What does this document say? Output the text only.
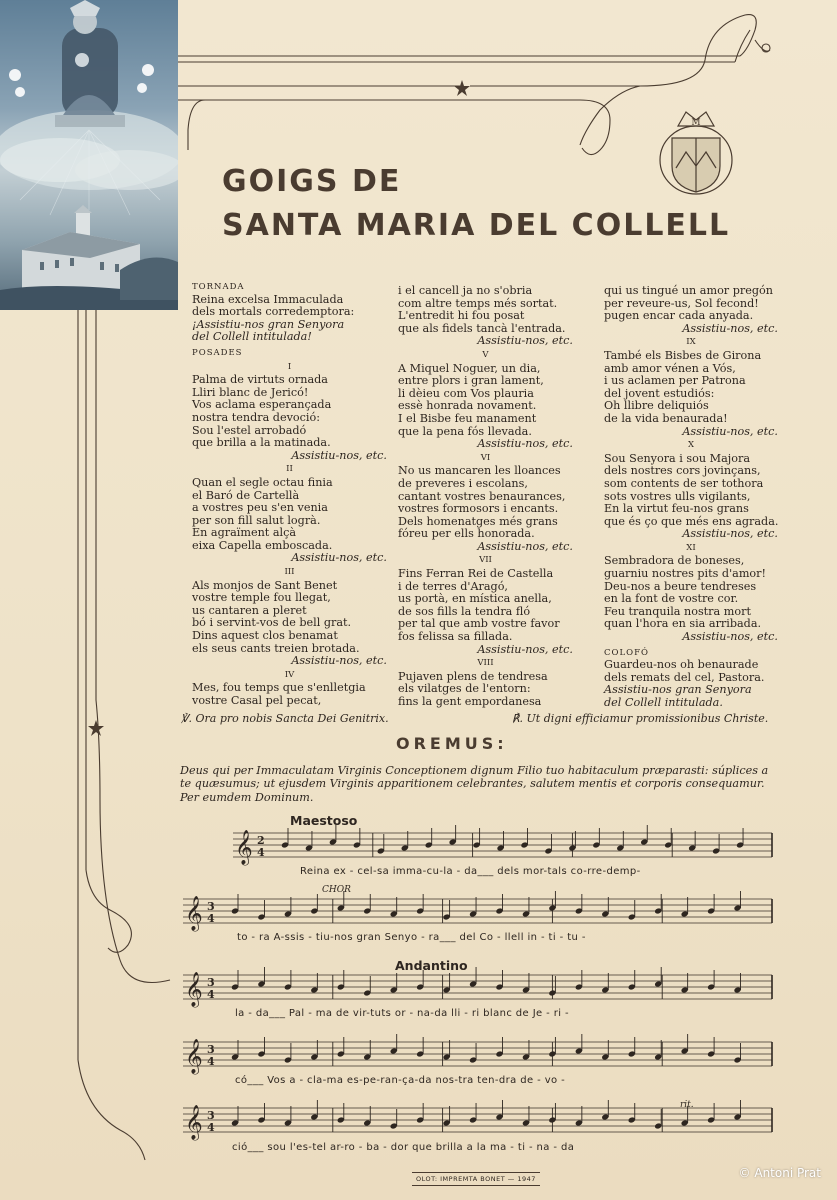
M
GOIGS DE
SANTA MARIA DEL COLLELL
TORNADA
Reina excelsa Immaculada
dels mortals corredemptora:
¡Assistiu-nos gran Senyora
del Collell intitulada!
POSADES
I
Palma de virtuts ornada
Lliri blanc de Jericó!
Vos aclama esperançada
nostra tendra devoció:
Sou l'estel arrobadó
que brilla a la matinada.
Assistiu-nos, etc.
II
Quan el segle octau finia
el Baró de Cartellà
a vostres peu s'en venia
per son fill salut logrà.
En agraïment alçà
eixa Capella emboscada.
Assistiu-nos, etc.
III
Als monjos de Sant Benet
vostre temple fou llegat,
us cantaren a pleret
bó i servint-vos de bell grat.
Dins aquest clos benamat
els seus cants treien brotada.
Assistiu-nos, etc.
IV
Mes, fou temps que s'enlletgia
vostre Casal pel pecat,
i el cancell ja no s'obria
com altre temps més sortat.
L'entredit hi fou posat
que als fidels tancà l'entrada.
Assistiu-nos, etc.
V
A Miquel Noguer, un dia,
entre plors i gran lament,
li dèieu com Vos plauria
essè honrada novament.
I el Bisbe feu manament
que la pena fós llevada.
Assistiu-nos, etc.
VI
No us mancaren les lloances
de preveres i escolans,
cantant vostres benaurances,
vostres formosors i encants.
Dels homenatges més grans
fóreu per ells honorada.
Assistiu-nos, etc.
VII
Fins Ferran Rei de Castella
i de terres d'Aragó,
us portà, en mística anella,
de sos fills la tendra fló
per tal que amb vostre favor
fos felissa sa fillada.
Assistiu-nos, etc.
VIII
Pujaven plens de tendresa
els vilatges de l'entorn:
fins la gent empordanesa
qui us tingué un amor pregón
per reveure-us, Sol fecond!
pugen encar cada anyada.
Assistiu-nos, etc.
IX
També els Bisbes de Girona
amb amor vénen a Vós,
i us aclamen per Patrona
del jovent estudiós:
Oh llibre deliquiós
de la vida benaurada!
Assistiu-nos, etc.
X
Sou Senyora i sou Majora
dels nostres cors jovinçans,
som contents de ser tothora
sots vostres ulls vigilants,
En la virtut feu-nos grans
que és ço que més ens agrada.
Assistiu-nos, etc.
XI
Sembradora de boneses,
guarniu nostres pits d'amor!
Deu-nos a beure tendreses
en la font de vostre cor.
Feu tranquila nostra mort
quan l'hora en sia arribada.
Assistiu-nos, etc.
COLOFÓ
Guardeu-nos oh benaurade
dels remats del cel, Pastora.
Assistiu-nos gran Senyora
del Collell intitulada.
℣. Ora pro nobis Sancta Dei Genitrix.	℟. Ut digni efficiamur promissionibus Christe.
OREMUS:
Deus qui per Immaculatam Virginis Conceptionem dignum Filio tuo habitaculum præparasti: súplices a te quæsumus; ut ejusdem Virginis apparitionem celebrantes, salutem mentis et corporis consequamur. Per eumdem Dominum.
Maestoso
Andantino
CHOR
rit.
𝄞 2
4
𝄞 3
4
𝄞 3
4
𝄞 3
4
𝄞 3
4
Reina ex - cel-sa imma-cu-la - da___ dels mor-tals co-rre-demp-
to - ra A-ssis - tiu-nos gran Senyo - ra___ del Co - llell in - ti - tu -
la - da___ Pal - ma de vir-tuts or - na-da lli - ri blanc de Je - ri -
có___ Vos a - cla-ma es-pe-ran-ça-da nos-tra ten-dra de - vo -
ció___ sou l'es-tel ar-ro - ba - dor que brilla a la ma - ti - na - da
OLOT: IMPREMTA BONET — 1947	© Antoni Prat
